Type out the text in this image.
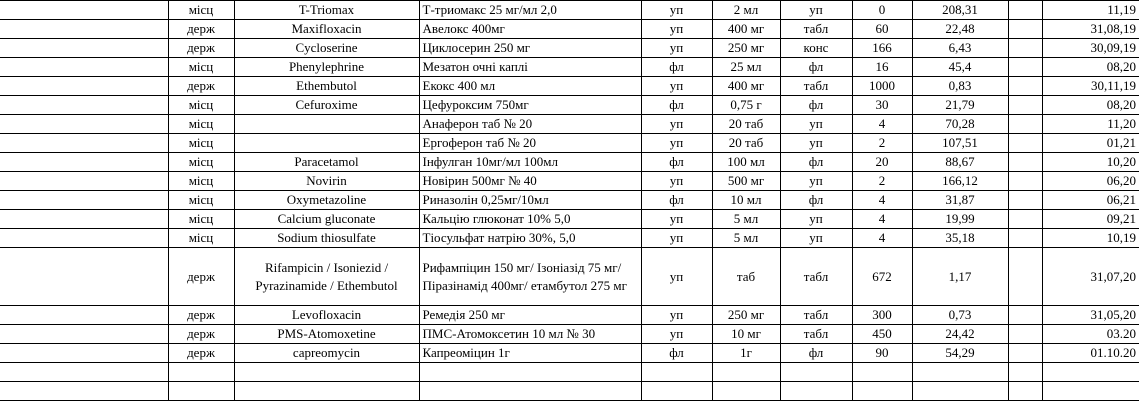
	місц	T-Triomax	Т-триомакс 25 мг/мл 2,0	уп	2 мл	уп	0	208,31		11,19
	держ	Maxifloxacin	Авелокс 400мг	уп	400 мг	табл	60	22,48		31,08,19
	держ	Cycloserine	Циклосерин 250 мг	уп	250 мг	конс	166	6,43		30,09,19
	місц	Phenylephrine	Мезатон очні каплі	фл	25 мл	фл	16	45,4		08,20
	держ	Ethembutol	Екокс 400 мл	уп	400 мг	табл	1000	0,83		30,11,19
	місц	Cefuroxime	Цефуроксим 750мг	фл	0,75 г	фл	30	21,79		08,20
	місц		Анаферон таб № 20	уп	20 таб	уп	4	70,28		11,20
	місц		Ергоферон таб № 20	уп	20 таб	уп	2	107,51		01,21
	місц	Paracetamol	Інфулган 10мг/мл 100мл	фл	100 мл	фл	20	88,67		10,20
	місц	Novirin	Новірин 500мг № 40	уп	500 мг	уп	2	166,12		06,20
	місц	Oxymetazoline	Риназолін 0,25мг/10мл	фл	10 мл	фл	4	31,87		06,21
	місц	Calcium gluconate	Кальцію глюконат 10% 5,0	уп	5 мл	уп	4	19,99		09,21
	місц	Sodium thiosulfate	Тіосульфат натрію 30%, 5,0	уп	5 мл	уп	4	35,18		10,19
	держ	Rifampicin / Isoniezid / Pyrazinamide / Ethembutol	Рифампіцин 150 мг/ Ізоніазід 75 мг/Піразінамід 400мг/ етамбутол 275 мг	уп	таб	табл	672	1,17		31,07,20
	держ	Levofloxacin	Ремедія 250 мг	уп	250 мг	табл	300	0,73		31,05,20
	держ	PMS-Atomoxetine	ПМС-Атомоксетин 10 мл № 30	уп	10 мг	табл	450	24,42		03.20
	держ	capreomycin	Капреоміцин 1г	фл	1г	фл	90	54,29		01.10.20
